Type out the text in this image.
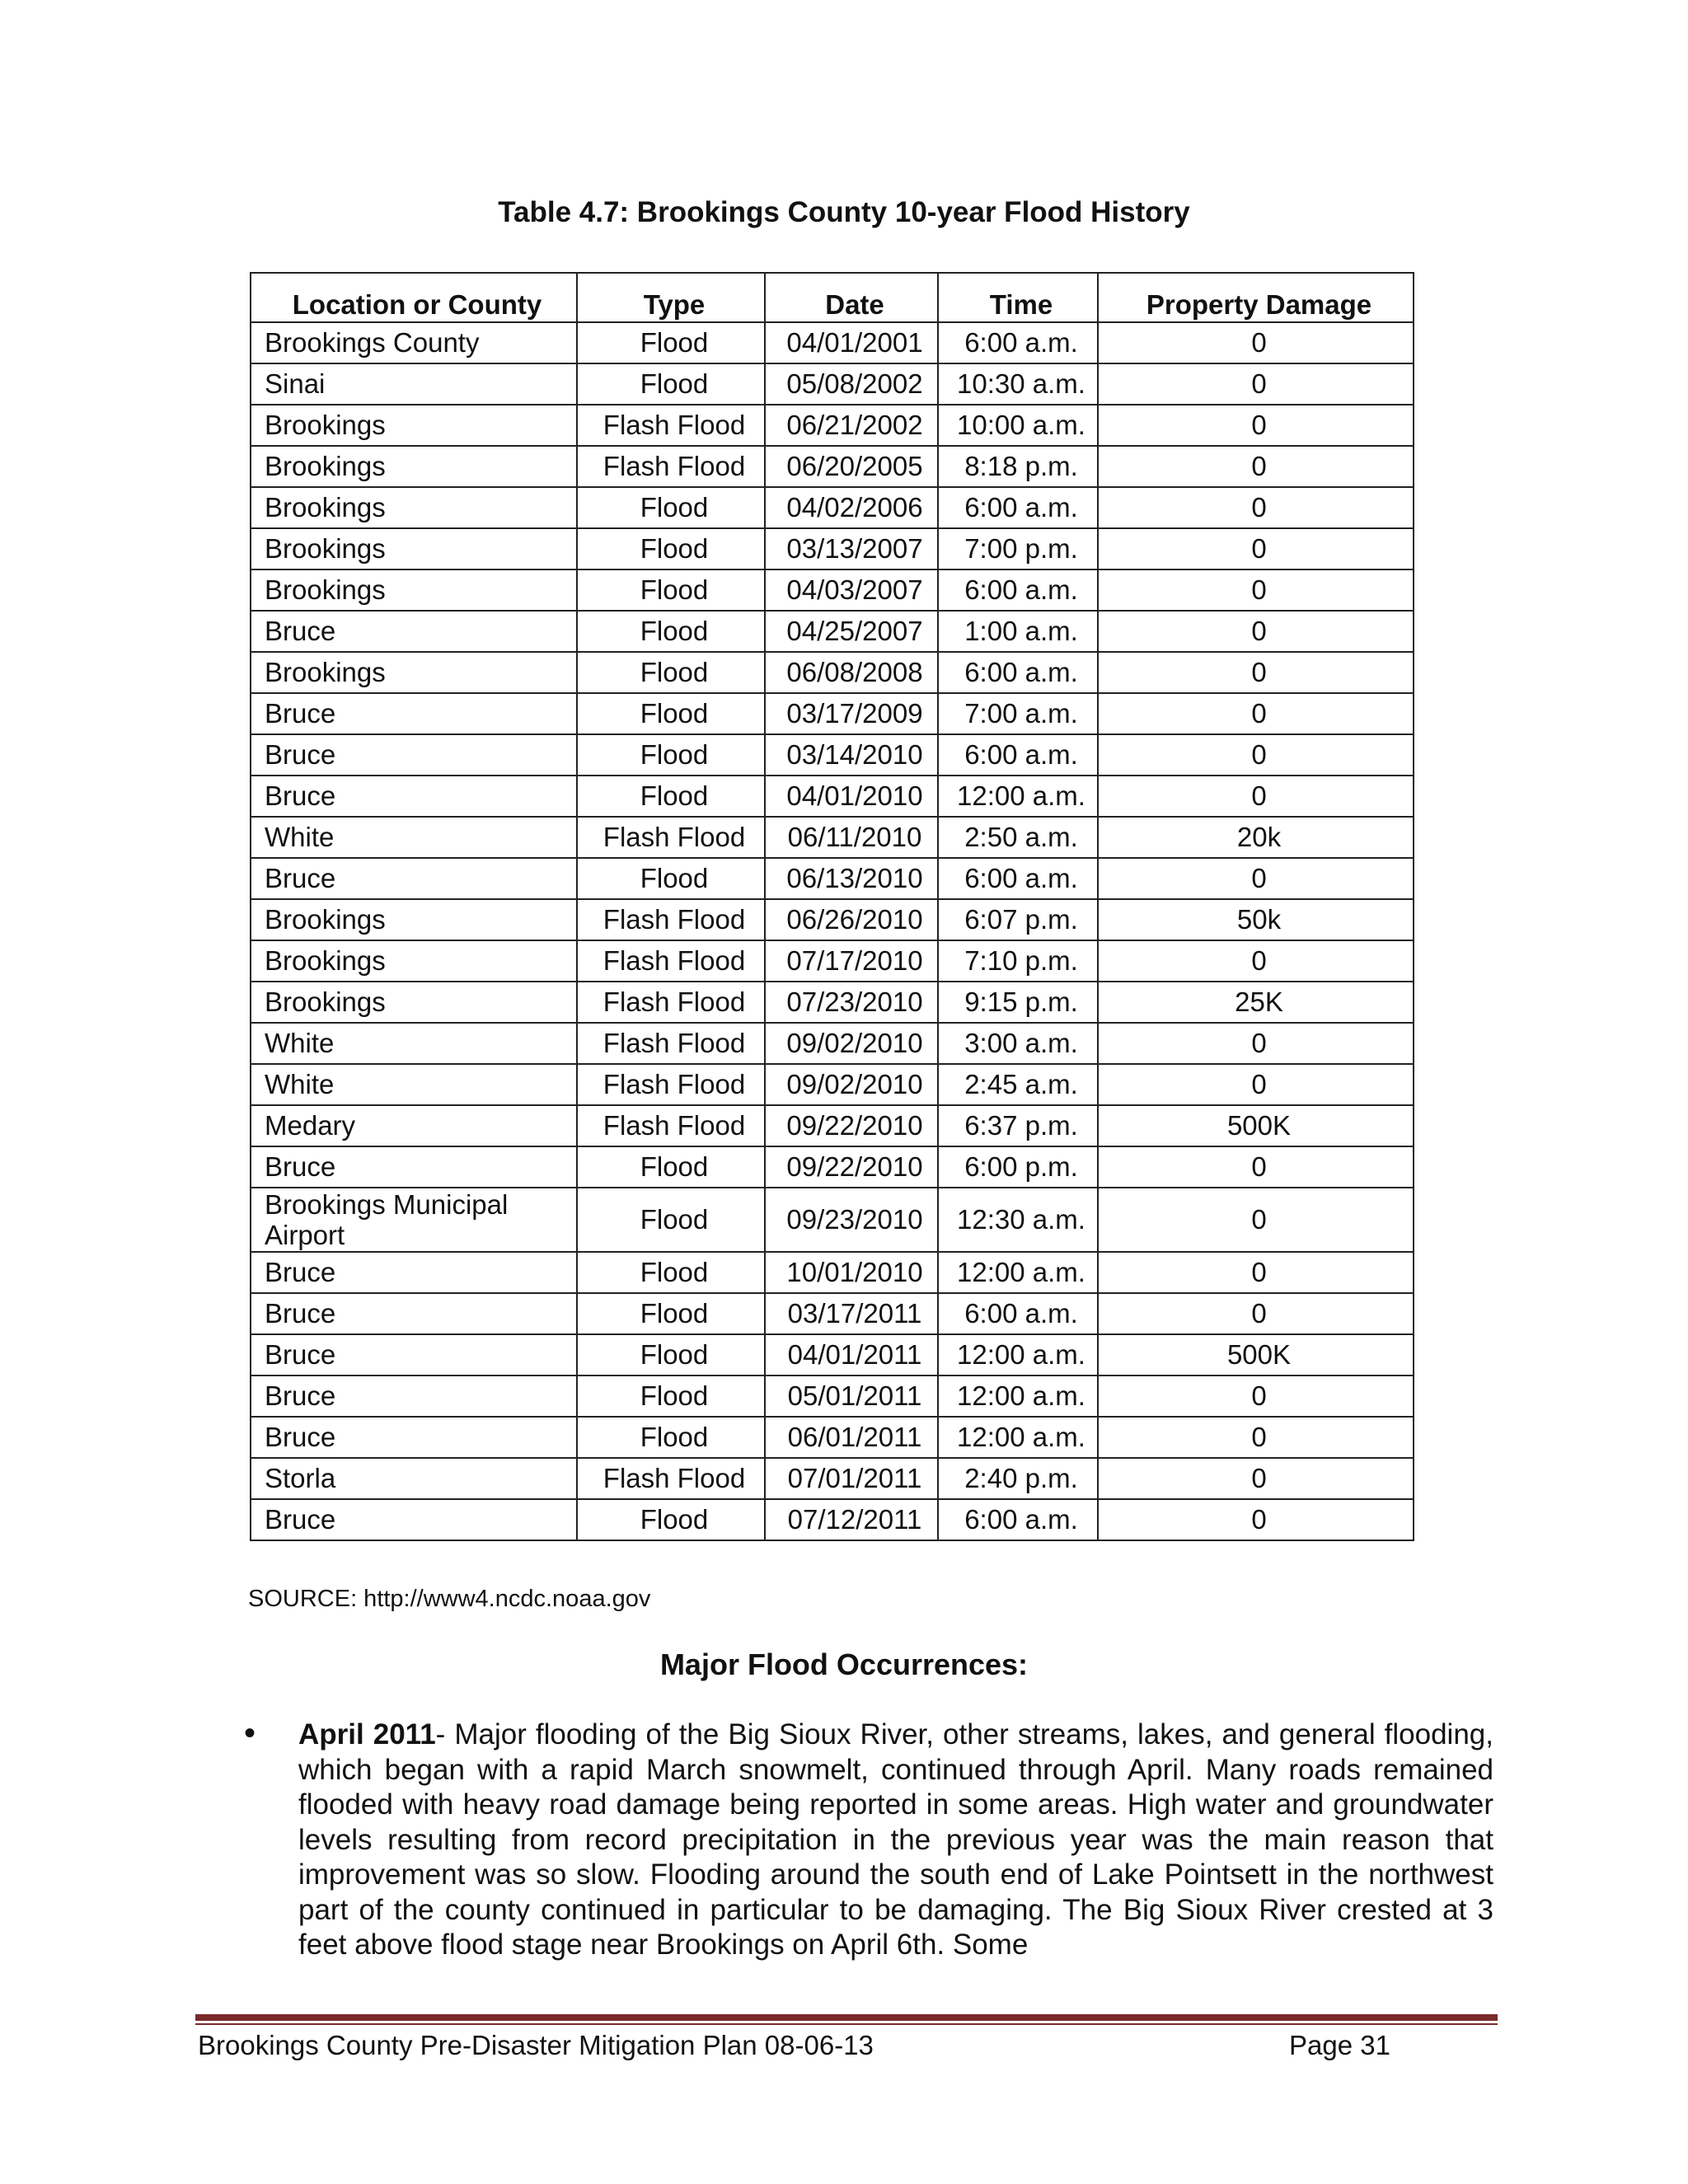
Table 4.7: Brookings County 10-year Flood History
Location or County	Type	Date	Time	Property Damage
Brookings County	Flood	04/01/2001	6:00 a.m.	0
Sinai	Flood	05/08/2002	10:30 a.m.	0
Brookings	Flash Flood	06/21/2002	10:00 a.m.	0
Brookings	Flash Flood	06/20/2005	8:18 p.m.	0
Brookings	Flood	04/02/2006	6:00 a.m.	0
Brookings	Flood	03/13/2007	7:00 p.m.	0
Brookings	Flood	04/03/2007	6:00 a.m.	0
Bruce	Flood	04/25/2007	1:00 a.m.	0
Brookings	Flood	06/08/2008	6:00 a.m.	0
Bruce	Flood	03/17/2009	7:00 a.m.	0
Bruce	Flood	03/14/2010	6:00 a.m.	0
Bruce	Flood	04/01/2010	12:00 a.m.	0
White	Flash Flood	06/11/2010	2:50 a.m.	20k
Bruce	Flood	06/13/2010	6:00 a.m.	0
Brookings	Flash Flood	06/26/2010	6:07 p.m.	50k
Brookings	Flash Flood	07/17/2010	7:10 p.m.	0
Brookings	Flash Flood	07/23/2010	9:15 p.m.	25K
White	Flash Flood	09/02/2010	3:00 a.m.	0
White	Flash Flood	09/02/2010	2:45 a.m.	0
Medary	Flash Flood	09/22/2010	6:37 p.m.	500K
Bruce	Flood	09/22/2010	6:00 p.m.	0
Brookings Municipal Airport	Flood	09/23/2010	12:30 a.m.	0
Bruce	Flood	10/01/2010	12:00 a.m.	0
Bruce	Flood	03/17/2011	6:00 a.m.	0
Bruce	Flood	04/01/2011	12:00 a.m.	500K
Bruce	Flood	05/01/2011	12:00 a.m.	0
Bruce	Flood	06/01/2011	12:00 a.m.	0
Storla	Flash Flood	07/01/2011	2:40 p.m.	0
Bruce	Flood	07/12/2011	6:00 a.m.	0
SOURCE: http://www4.ncdc.noaa.gov
Major Flood Occurrences:
• April 2011- Major flooding of the Big Sioux River, other streams, lakes, and general flooding, which began with a rapid March snowmelt, continued through April. Many roads remained flooded with heavy road damage being reported in some areas. High water and groundwater levels resulting from record precipitation in the previous year was the main reason that improvement was so slow. Flooding around the south end of Lake Pointsett in the northwest part of the county continued in particular to be damaging. The Big Sioux River crested at 3 feet above flood stage near Brookings on April 6th. Some
Brookings County Pre-Disaster Mitigation Plan 08-06-13	Page 31
